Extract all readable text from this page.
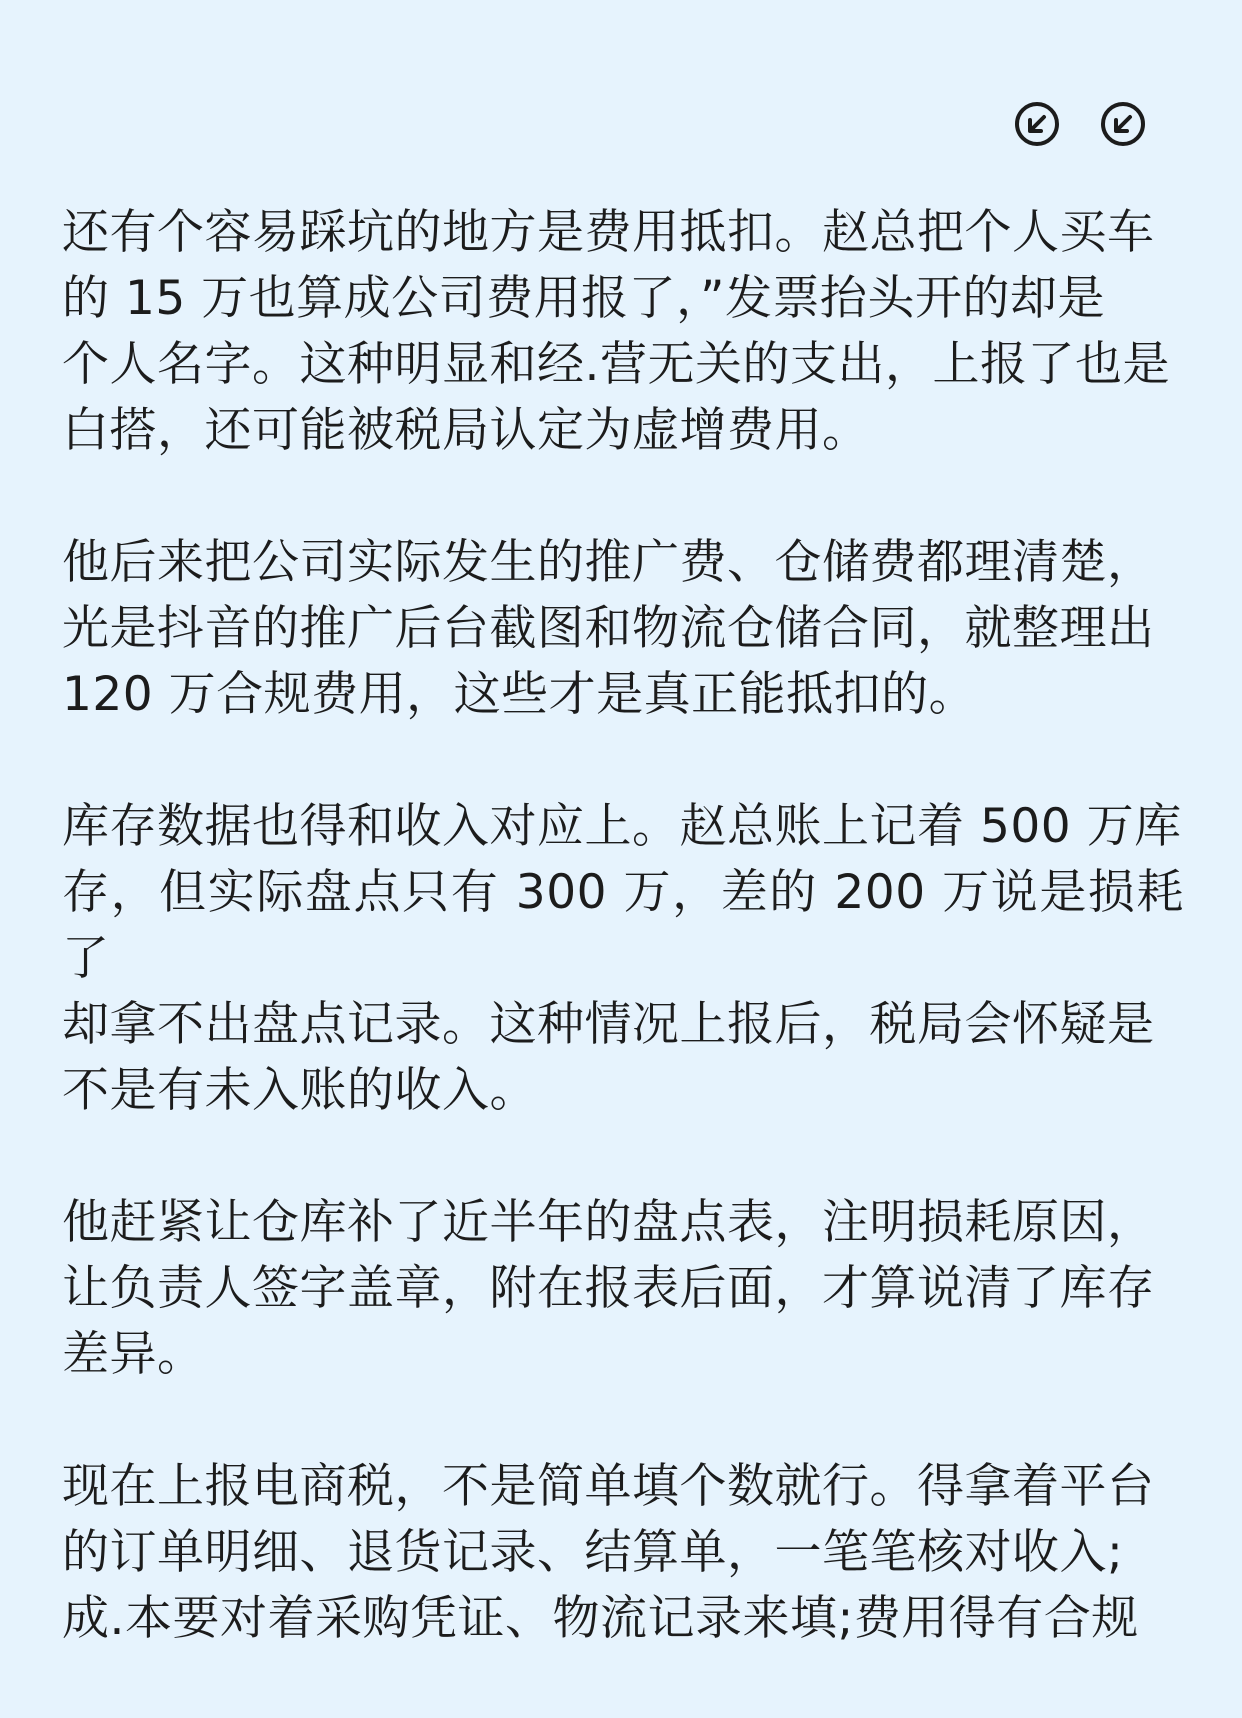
还有个容易踩坑的地方是费用抵扣。赵总把个人买车
的 15 万也算成公司费用报了，”发票抬头开的却是
个人名字。这种明显和经.营无关的支出，上报了也是
白搭，还可能被税局认定为虚增费用。

他后来把公司实际发生的推广费、仓储费都理清楚，
光是抖音的推广后台截图和物流仓储合同，就整理出
120 万合规费用，这些才是真正能抵扣的。

库存数据也得和收入对应上。赵总账上记着 500 万库
存，但实际盘点只有 300 万，差的 200 万说是损耗了
却拿不出盘点记录。这种情况上报后，税局会怀疑是
不是有未入账的收入。

他赶紧让仓库补了近半年的盘点表，注明损耗原因，
让负责人签字盖章，附在报表后面，才算说清了库存
差异。

现在上报电商税，不是简单填个数就行。得拿着平台
的订单明细、退货记录、结算单，一笔笔核对收入;
成.本要对着采购凭证、物流记录来填;费用得有合规
